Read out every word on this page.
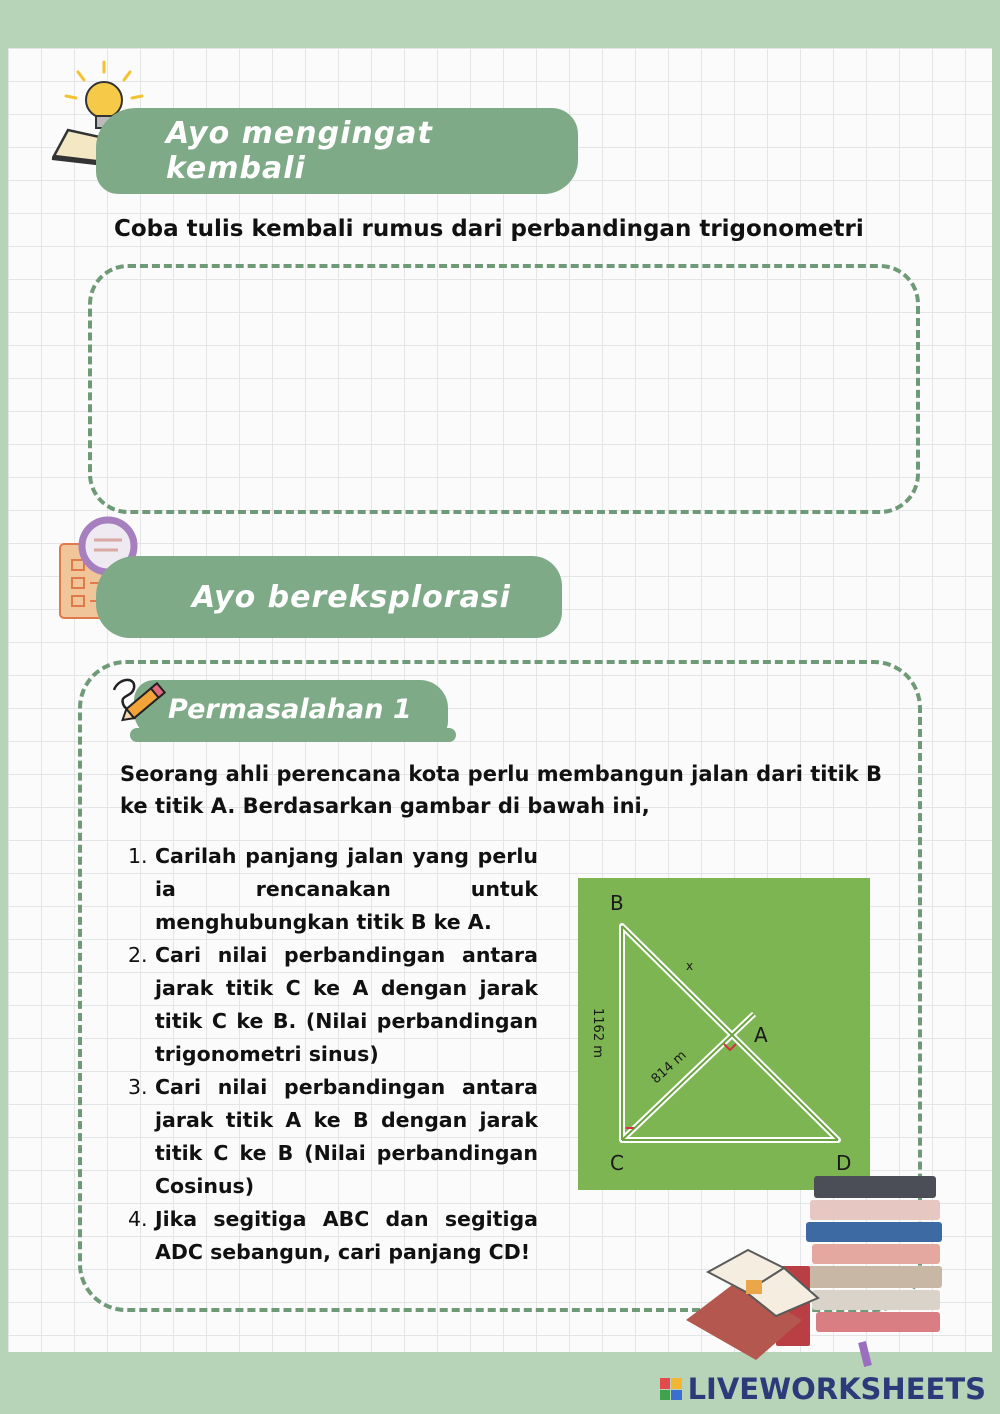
Ayo mengingat kembali
Coba tulis kembali rumus dari perbandingan trigonometri
Ayo bereksplorasi
Permasalahan 1
Seorang ahli perencana kota perlu membangun jalan dari titik B ke titik A. Berdasarkan gambar di bawah ini,
1. Carilah panjang jalan yang perlu ia rencanakan untuk menghubungkan titik B ke A.
2. Cari nilai perbandingan antara jarak titik C ke A dengan jarak titik C ke B. (Nilai perbandingan trigonometri sinus)
3. Cari nilai perbandingan antara jarak titik A ke B dengan jarak titik C ke B (Nilai perbandingan Cosinus)
4. Jika segitiga ABC dan segitiga ADC sebangun, cari panjang CD!
B
A
C	D
x
1162 m
814 m
LIVEWORKSHEETS
